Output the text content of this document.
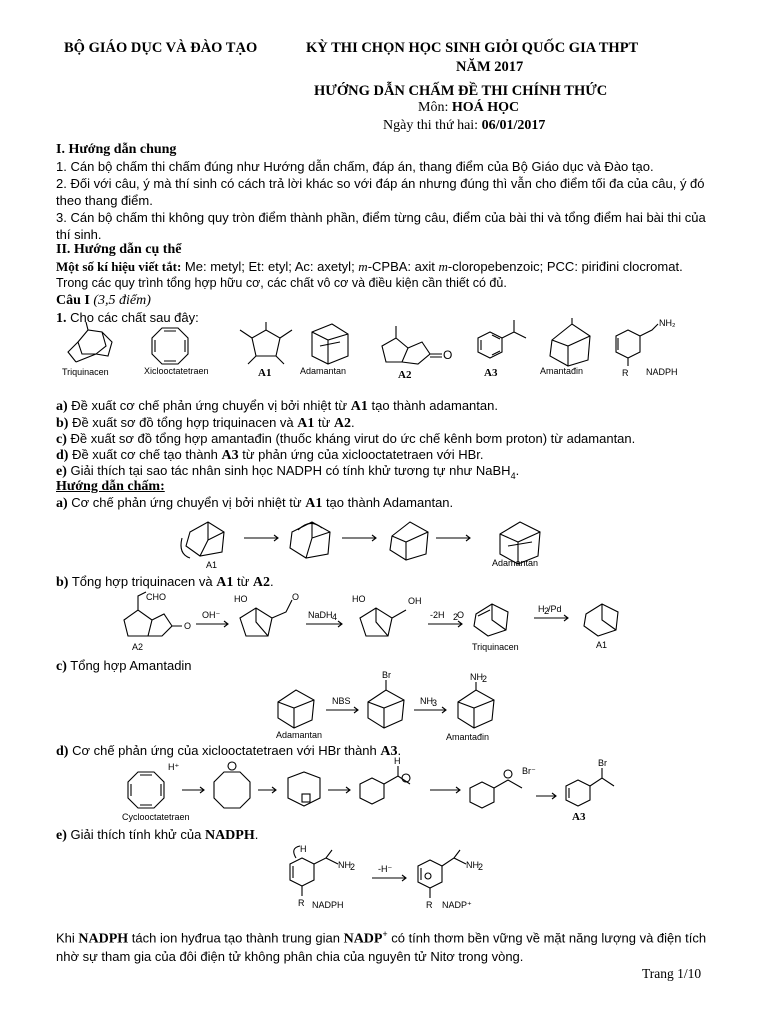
BỘ GIÁO DỤC VÀ ĐÀO TẠO	KỲ THI CHỌN HỌC SINH GIỎI QUỐC GIA THPT
NĂM 2017
HƯỚNG DẪN CHẤM ĐỀ THI CHÍNH THỨC
Môn: HOÁ HỌC
Ngày thi thứ hai: 06/01/2017
I. Hướng dẫn chung
1. Cán bộ chấm thi chấm đúng như Hướng dẫn chấm, đáp án, thang điểm của Bộ Giáo dục và Đào tạo.
2. Đối với câu, ý mà thí sinh có cách trả lời khác so với đáp án nhưng đúng thì vẫn cho điểm tối đa của câu, ý đó theo thang điểm.
3. Cán bộ chấm thi không quy tròn điểm thành phần, điểm từng câu, điểm của bài thi và tổng điểm hai bài thi của thí sinh.
II. Hướng dẫn cụ thể
Một số kí hiệu viết tắt: Me: metyl; Et: etyl; Ac: axetyl; m-CPBA: axit m-cloropebenzoic; PCC: piriđini clocromat.
Trong các quy trình tổng hợp hữu cơ, các chất vô cơ và điều kiện cần thiết có đủ.
Câu I (3,5 điểm)
1. Cho các chất sau đây:
Triquinacen	Xiclooctatetraen	A1	Adamantan
O
A2	A3	Amantađin
NH₂
R NADPH
a) Đề xuất cơ chế phản ứng chuyển vị bởi nhiệt từ A1 tạo thành adamantan.
b) Đề xuất sơ đồ tổng hợp triquinacen và A1 từ A2.
c) Đề xuất sơ đồ tổng hợp amantađin (thuốc kháng virut do ức chế kênh bơm proton) từ adamantan.
d) Đề xuất cơ chế tạo thành A3 từ phản ứng của xiclooctatetraen với HBr.
e) Giải thích tại sao tác nhân sinh học NADPH có tính khử tương tự như NaBH$_4$.
Hướng dẫn chấm:
a) Cơ chế phản ứng chuyển vị bởi nhiệt từ A1 tạo thành Adamantan.
A1	Adamantan
b) Tổng hợp triquinacen và A1 từ A2.
CHO
O
A2
OH⁻
HO	O
NaDH 4
HO	OH
-2H 2
O
Triquinacen
H 2
/Pd
A1
c) Tổng hợp Amantadin
Adamantan
NBS
Br
NH 3
NH 2
Amantađin
d) Cơ chế phản ứng của xiclooctatetraen với HBr thành A3.
H⁺
Cyclooctatetraen
H
Br⁻
Br
A3
e) Giải thích tính khử của NADPH.
H
NH 2
R NADPH
-H⁻	NH 2
R NADP⁺
Khi NADPH tách ion hyđrua tạo thành trung gian NADP+ có tính thơm bền vững về mặt năng lượng và điện tích nhờ sự tham gia của đôi điện tử không phân chia của nguyên tử Nitơ trong vòng.
Trang 1/10
